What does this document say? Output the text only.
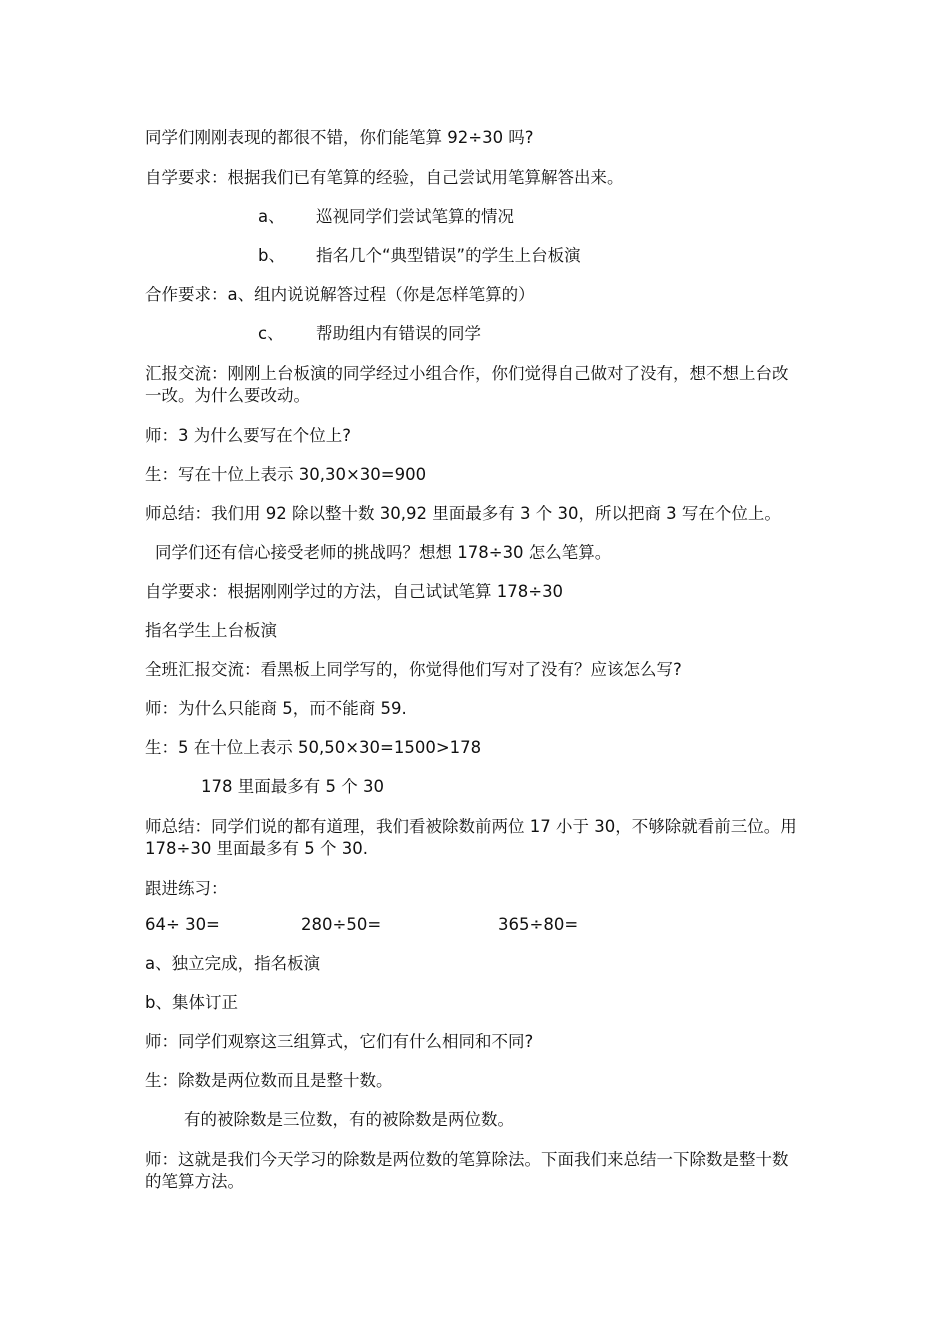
同学们刚刚表现的都很不错，你们能笔算 92÷30 吗?
自学要求：根据我们已有笔算的经验，自己尝试用笔算解答出来。
a、 巡视同学们尝试笔算的情况
b、 指名几个“典型错误”的学生上台板演
合作要求：a、组内说说解答过程（你是怎样笔算的）
c、 帮助组内有错误的同学
汇报交流：刚刚上台板演的同学经过小组合作，你们觉得自己做对了没有，想不想上台改一改。为什么要改动。
师：3 为什么要写在个位上?
生：写在十位上表示 30,30×30=900
师总结：我们用 92 除以整十数 30,92 里面最多有 3 个 30，所以把商 3 写在个位上。
同学们还有信心接受老师的挑战吗？想想 178÷30 怎么笔算。
自学要求：根据刚刚学过的方法，自己试试笔算 178÷30
指名学生上台板演
全班汇报交流：看黑板上同学写的，你觉得他们写对了没有？应该怎么写?
师：为什么只能商 5，而不能商 59.
生：5 在十位上表示 50,50×30=1500>178
178 里面最多有 5 个 30
师总结：同学们说的都有道理，我们看被除数前两位 17 小于 30，不够除就看前三位。用 178÷30 里面最多有 5 个 30.
跟进练习：
64÷ 30=	280÷50=	365÷80=
a、独立完成，指名板演
b、集体订正
师：同学们观察这三组算式，它们有什么相同和不同?
生：除数是两位数而且是整十数。
有的被除数是三位数，有的被除数是两位数。
师：这就是我们今天学习的除数是两位数的笔算除法。下面我们来总结一下除数是整十数的笔算方法。
